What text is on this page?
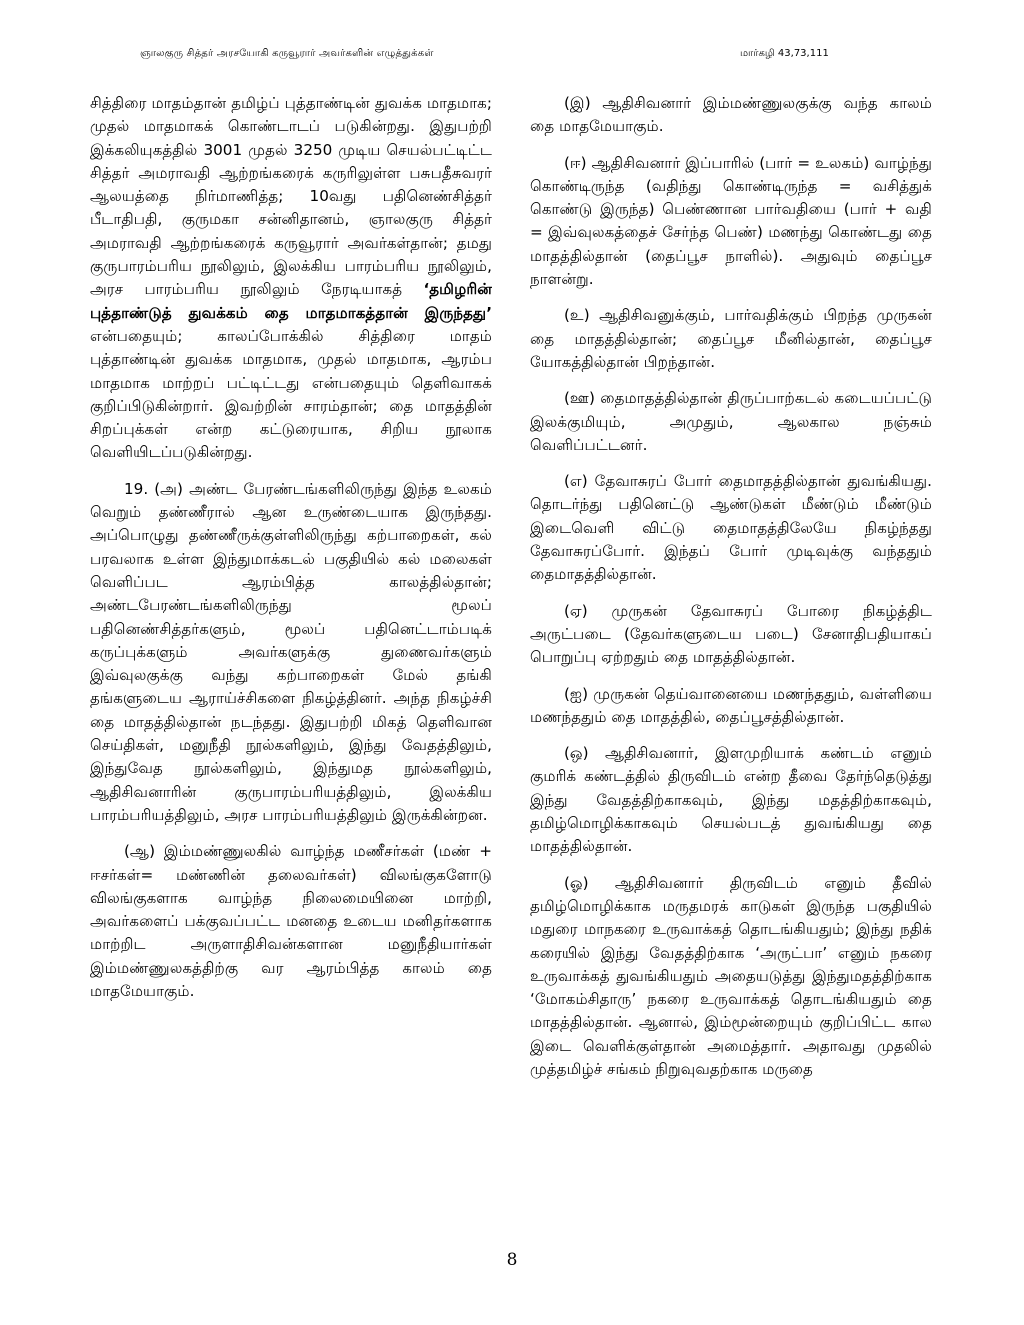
ஞாலகுரு சித்தர் அரசயோகி கருவூரார் அவர்களின் எழுத்துக்கள்	மார்கழி 43,73,111

சித்திரை மாதம்தான் தமிழ்ப் புத்தாண்டின் துவக்க மாதமாக; முதல் மாதமாகக் கொண்டாடப் படுகின்றது. இதுபற்றி இக்கலியுகத்தில் 3001 முதல் 3250 முடிய செயல்பட்டிட்ட சித்தர் அமராவதி ஆற்றங்கரைக் கருரிலுள்ள பசுபதீசுவரர் ஆலயத்தை நிர்மாணித்த; 10வது பதினெண்சித்தர் பீடாதிபதி, குருமகா சன்னிதானம், ஞாலகுரு சித்தர் அமராவதி ஆற்றங்கரைக் கருவூரார் அவர்கள்தான்; தமது குருபாரம்பரிய நூலிலும், இலக்கிய பாரம்பரிய நூலிலும், அரச பாரம்பரிய நூலிலும் நேரடியாகத் ‘தமிழரின் புத்தாண்டுத் துவக்கம் தை மாதமாகத்தான் இருந்தது’ என்பதையும்; காலப்போக்கில் சித்திரை மாதம் புத்தாண்டின் துவக்க மாதமாக, முதல் மாதமாக, ஆரம்ப மாதமாக மாற்றப் பட்டிட்டது என்பதையும் தெளிவாகக் குறிப்பிடுகின்றார். இவற்றின் சாரம்தான்; தை மாதத்தின் சிறப்புக்கள் என்ற கட்டுரையாக, சிறிய நூலாக வெளியிடப்படுகின்றது.

19. (அ) அண்ட பேரண்டங்களிலிருந்து இந்த உலகம் வெறும் தண்ணீரால் ஆன உருண்டையாக இருந்தது. அப்பொழுது தண்ணீருக்குள்ளிலிருந்து கற்பாறைகள், கல் பரவலாக உள்ள இந்துமாக்கடல் பகுதியில் கல் மலைகள் வெளிப்பட ஆரம்பித்த காலத்தில்தான்; அண்டபேரண்டங்களிலிருந்து மூலப் பதினெண்சித்தர்களும், மூலப் பதினெட்டாம்படிக் கருப்புக்களும் அவர்களுக்கு துணைவர்களும் இவ்வுலகுக்கு வந்து கற்பாறைகள் மேல் தங்கி தங்களுடைய ஆராய்ச்சிகளை நிகழ்த்தினர். அந்த நிகழ்ச்சி தை மாதத்தில்தான் நடந்தது. இதுபற்றி மிகத் தெளிவான செய்திகள், மனுநீதி நூல்களிலும், இந்து வேதத்திலும், இந்துவேத நூல்களிலும், இந்துமத நூல்களிலும், ஆதிசிவனாரின் குருபாரம்பரியத்திலும், இலக்கிய பாரம்பரியத்திலும், அரச பாரம்பரியத்திலும் இருக்கின்றன.

(ஆ) இம்மண்ணுலகில் வாழ்ந்த மணீசர்கள் (மண் + ஈசர்கள்= மண்ணின் தலைவர்கள்) விலங்குகளோடு விலங்குகளாக வாழ்ந்த நிலைமையினை மாற்றி, அவர்களைப் பக்குவப்பட்ட மனதை உடைய மனிதர்களாக மாற்றிட அருளாதிசிவன்களான மனுநீதியார்கள் இம்மண்ணுலகத்திற்கு வர ஆரம்பித்த காலம் தை மாதமேயாகும்.

(இ) ஆதிசிவனார் இம்மண்ணுலகுக்கு வந்த காலம் தை மாதமேயாகும்.

(ஈ) ஆதிசிவனார் இப்பாரில் (பார் = உலகம்) வாழ்ந்து கொண்டிருந்த (வதிந்து கொண்டிருந்த = வசித்துக் கொண்டு இருந்த) பெண்ணான பார்வதியை (பார் + வதி = இவ்வுலகத்தைச் சேர்ந்த பெண்) மணந்து கொண்டது தை மாதத்தில்தான் (தைப்பூச நாளில்). அதுவும் தைப்பூச நாளன்று.

(உ) ஆதிசிவனுக்கும், பார்வதிக்கும் பிறந்த முருகன் தை மாதத்தில்தான்; தைப்பூச மீனில்தான், தைப்பூச யோகத்தில்தான் பிறந்தான்.

(ஊ) தைமாதத்தில்தான் திருப்பாற்கடல் கடையப்பட்டு இலக்குமியும், அமுதும், ஆலகால நஞ்சும் வெளிப்பட்டனர்.

(எ) தேவாசுரப் போர் தைமாதத்தில்தான் துவங்கியது. தொடர்ந்து பதினெட்டு ஆண்டுகள் மீண்டும் மீண்டும் இடைவெளி விட்டு தைமாதத்திலேயே நிகழ்ந்தது தேவாசுரப்போர். இந்தப் போர் முடிவுக்கு வந்ததும் தைமாதத்தில்தான்.

(ஏ) முருகன் தேவாசுரப் போரை நிகழ்த்திட அருட்படை (தேவர்களுடைய படை) சேனாதிபதியாகப் பொறுப்பு ஏற்றதும் தை மாதத்தில்தான்.

(ஐ) முருகன் தெய்வானையை மணந்ததும், வள்ளியை மணந்ததும் தை மாதத்தில், தைப்பூசத்தில்தான்.

(ஒ) ஆதிசிவனார், இளமுறியாக் கண்டம் எனும் குமரிக் கண்டத்தில் திருவிடம் என்ற தீவை தேர்ந்தெடுத்து இந்து வேதத்திற்காகவும், இந்து மதத்திற்காகவும், தமிழ்மொழிக்காகவும் செயல்படத் துவங்கியது தை மாதத்தில்தான்.

(ஓ) ஆதிசிவனார் திருவிடம் எனும் தீவில் தமிழ்மொழிக்காக மருதமரக் காடுகள் இருந்த பகுதியில் மதுரை மாநகரை உருவாக்கத் தொடங்கியதும்; இந்து நதிக் கரையில் இந்து வேதத்திற்காக ‘அருட்பா’ எனும் நகரை உருவாக்கத் துவங்கியதும் அதையடுத்து இந்துமதத்திற்காக ‘மோகம்சிதாரு’ நகரை உருவாக்கத் தொடங்கியதும் தை மாதத்தில்தான். ஆனால், இம்மூன்றையும் குறிப்பிட்ட கால இடை வெளிக்குள்தான் அமைத்தார். அதாவது முதலில் முத்தமிழ்ச் சங்கம் நிறுவுவதற்காக மருதை

8
